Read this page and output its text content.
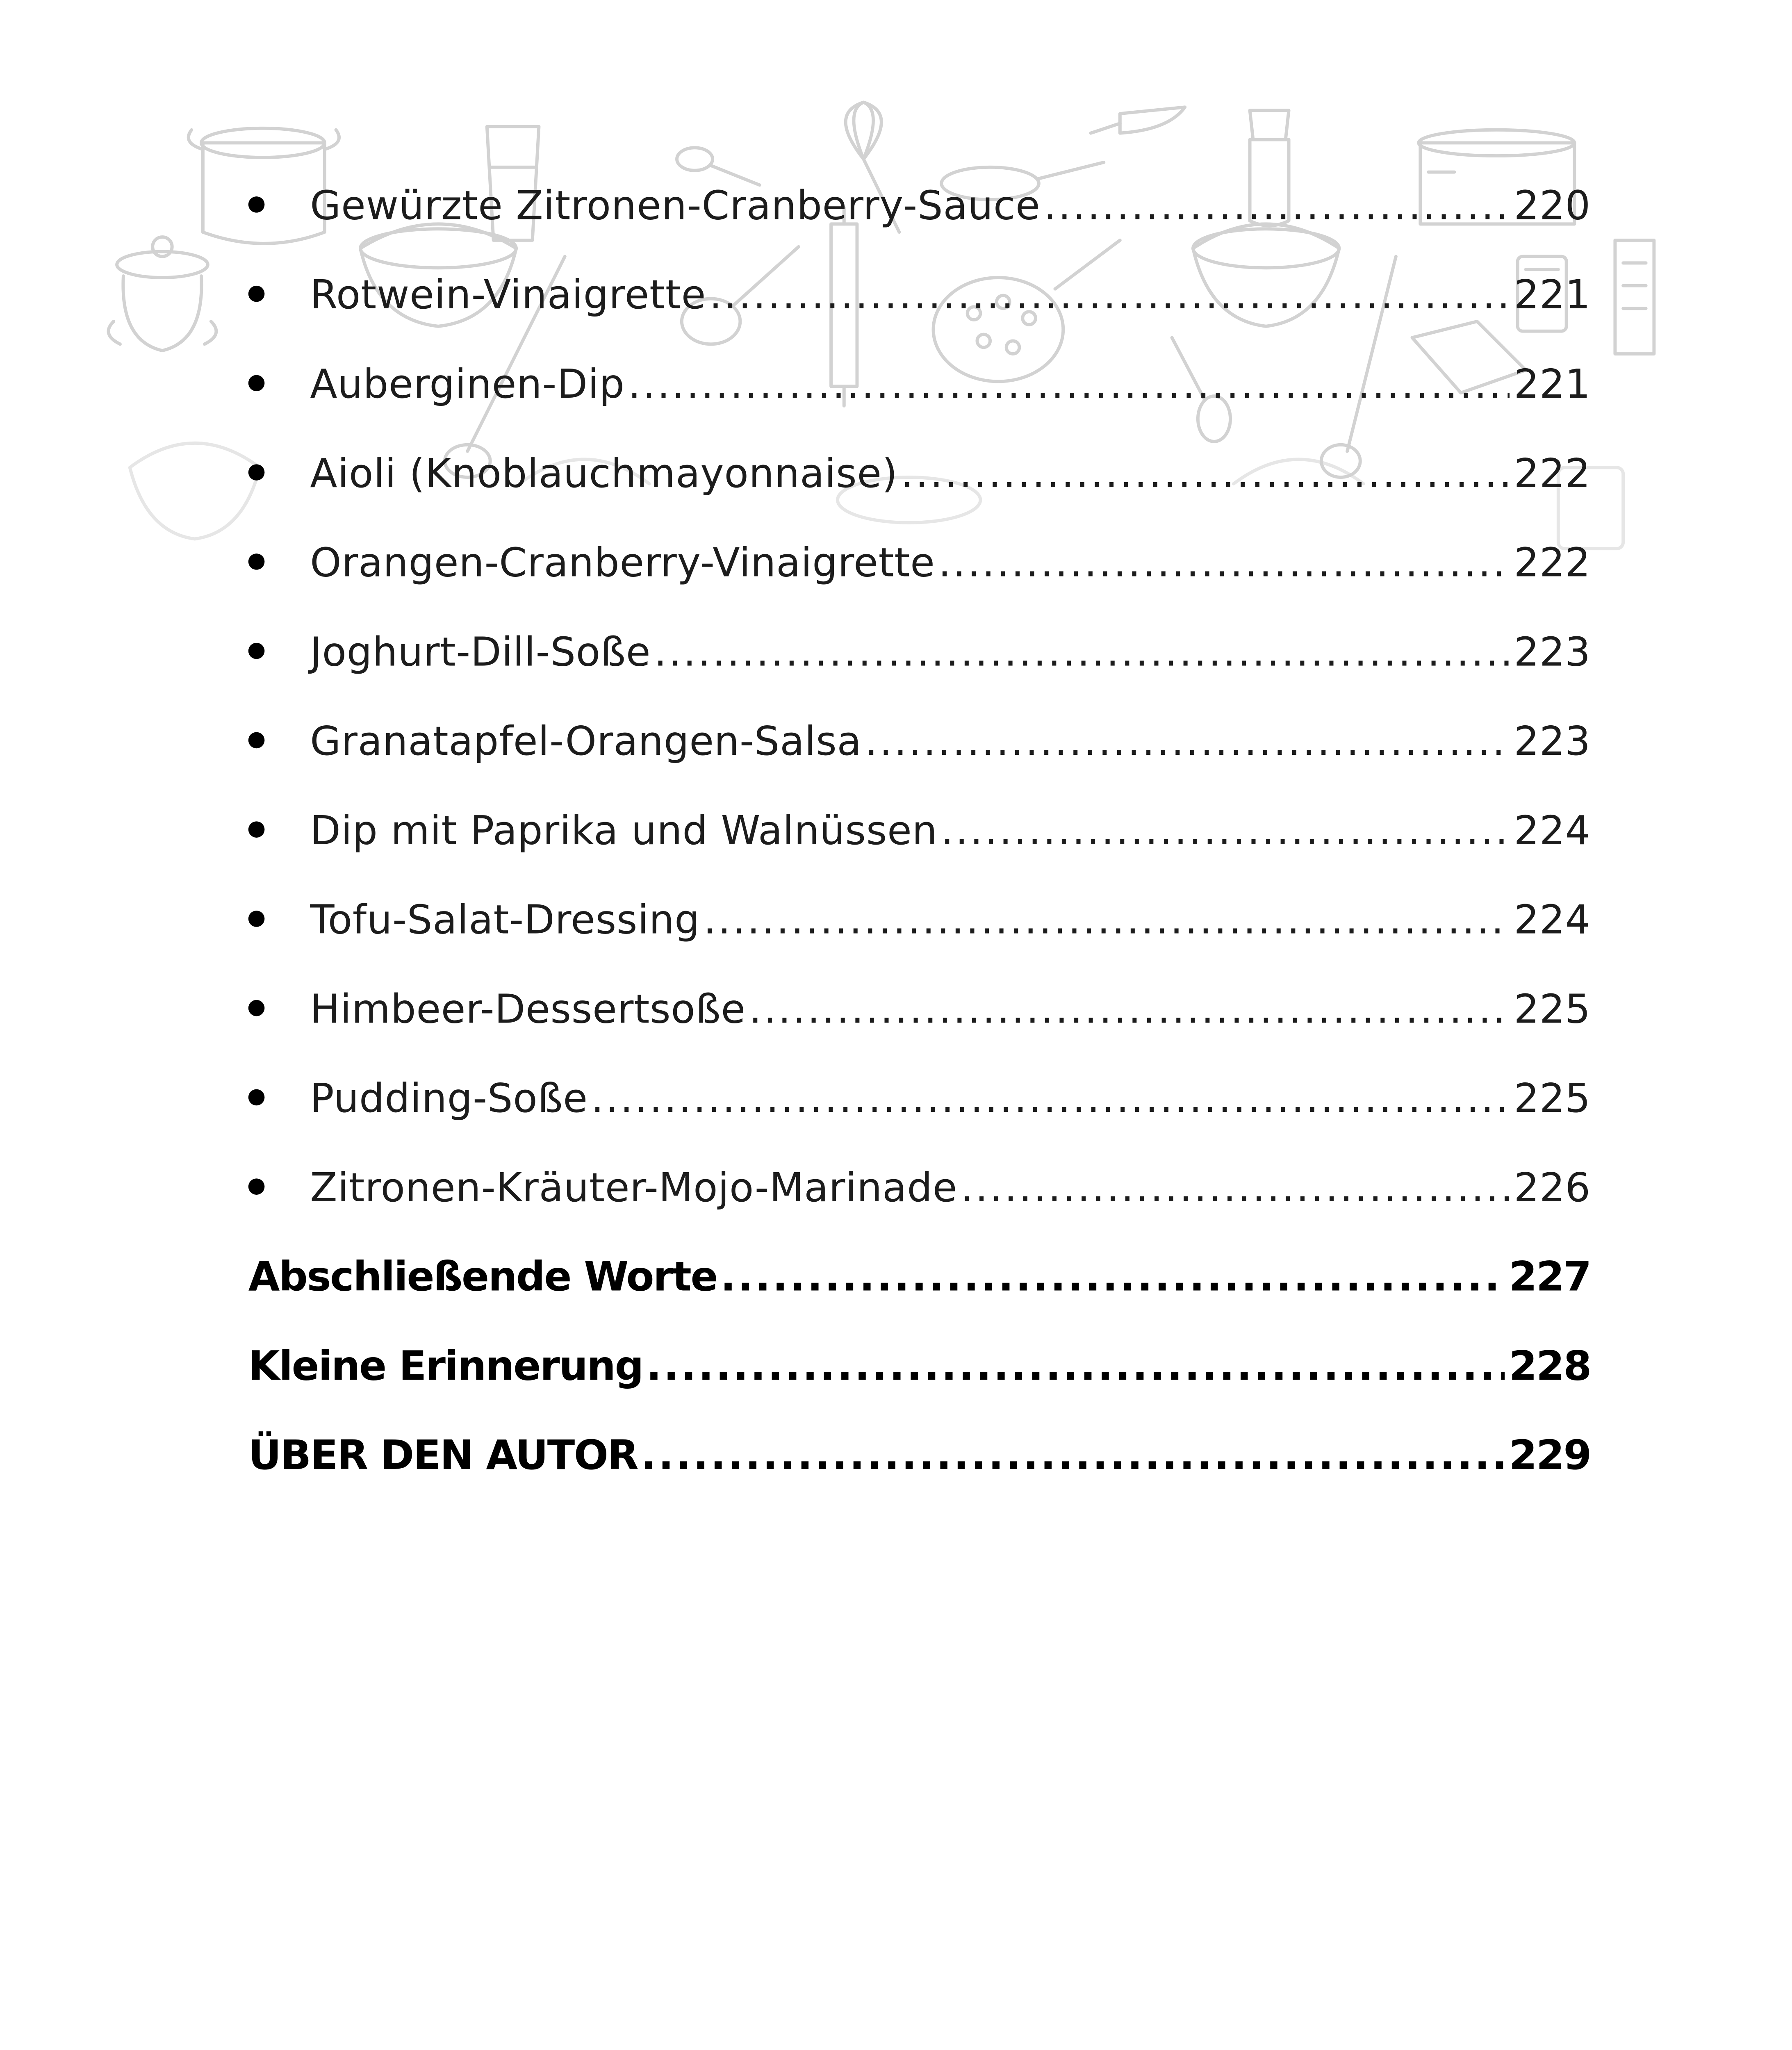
Gewürzte Zitronen-Cranberry-Sauce .....	220
Rotwein-Vinaigrette .....	221
Auberginen-Dip .....	221
Aioli (Knoblauchmayonnaise) .....	222
Orangen-Cranberry-Vinaigrette .....	222
Joghurt-Dill-Soße .....	223
Granatapfel-Orangen-Salsa .....	223
Dip mit Paprika und Walnüssen .....	224
Tofu-Salat-Dressing .....	224
Himbeer-Dessertsoße .....	225
Pudding-Soße .....	225
Zitronen-Kräuter-Mojo-Marinade .....	226
Abschließende Worte .....	227
Kleine Erinnerung .....	228
ÜBER DEN AUTOR .....	229
